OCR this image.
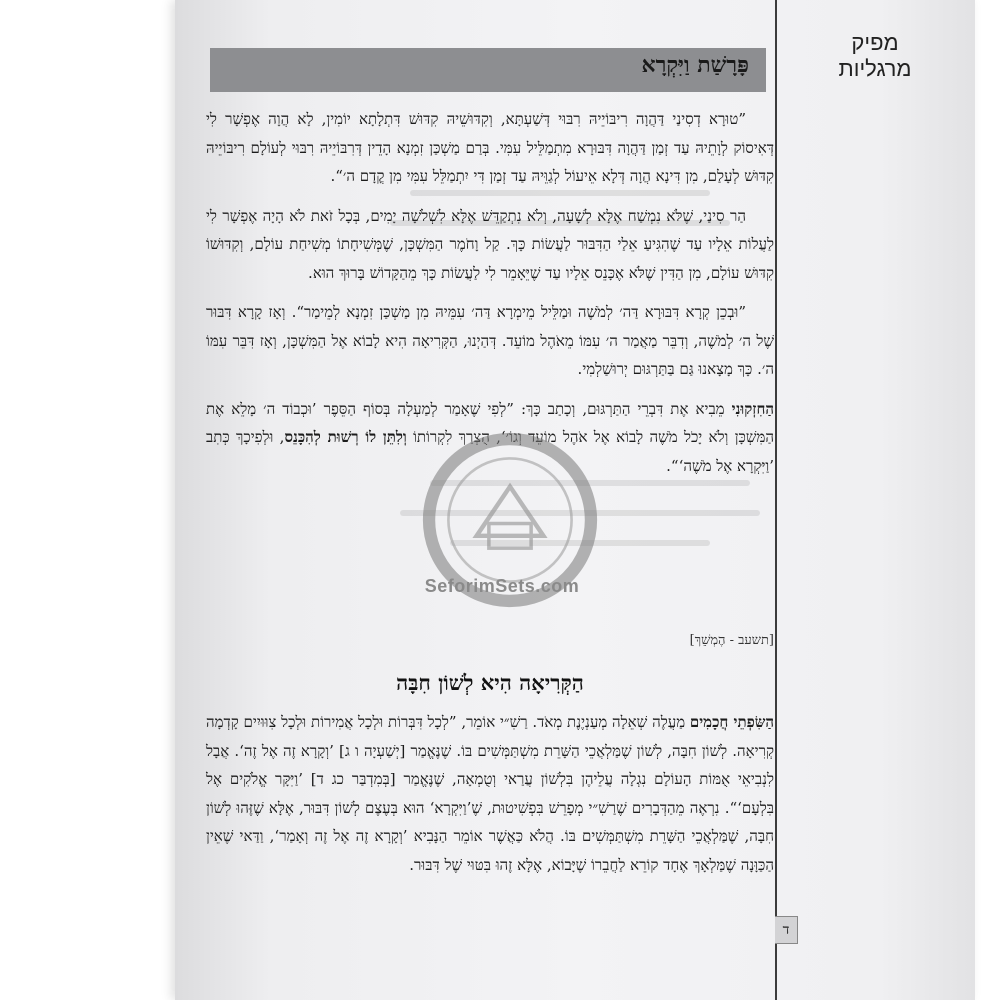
מפיק
מרגליות
פָּרָשַׁת וַיִּקְרָא

”טוּרָא דְסִינַי דַּהֲוָה רִיבּוֹיֵיהּ רִבּוּי דְּשַׁעְתָּא, וְקִדּוּשֵׁיהּ קִדּוּשׁ דִּתְלָתָא יוֹמִין, לָא הֲוָה אֶפְשָׁר לִי דְּאִיסוֹק לְוָתֵיהּ עַד זְמַן דַּהֲוָה דִּבּוּרָא מִתְמַלֵּיל עִמִּי. בְּרַם מַשְׁכַּן זִמְנָא הָדֵין דְּרִבּוֹיֵיהּ רִבּוּי לְעוֹלָם רִיבּוֹיֵיהּ קִדּוּשׁ לְעָלַם, מִן דִּינָא הֲוָה דְּלָא אֵיעוֹל לְגַוֵּיהּ עַד זְמַן דִּי יִתְמַלֵּל עִמִּי מִן קֳדָם ה׳“.

הַר סִינַי, שֶׁלֹּא נִמְשַׁח אֶלָּא לְשָׁעָה, וְלֹא נִתְקַדֵּשׁ אֶלָּא לִשְׁלֹשָׁה יָמִים, בְּכָל זֹאת לֹא הָיָה אֶפְשָׁר לִי לַעֲלוֹת אֵלָיו עַד שֶׁהִגִּיעַ אֵלַי הַדִּבּוּר לַעֲשׂוֹת כָּךְ. קַל וָחֹמֶר הַמִּשְׁכָּן, שֶׁמְּשִׁיחָתוֹ מְשִׁיחַת עוֹלָם, וְקִדּוּשׁוֹ קִדּוּשׁ עוֹלָם, מִן הַדִּין שֶׁלֹּא אֶכָּנֵס אֵלָיו עַד שֶׁיֵּאָמֵר לִי לַעֲשׂוֹת כָּךְ מֵהַקָּדוֹשׁ בָּרוּךְ הוּא.

”וּבְכֵן קְרָא דִּבּוּרָא דַּה׳ לְמֹשֶׁה וּמַלֵּיל מֵימְרָא דַּה׳ עִמֵּיהּ מִן מַשְׁכַּן זִמְנָא לְמֵימַר“. וְאָז קָרָא דִּבּוּר שֶׁל ה׳ לְמֹשֶׁה, וְדִבֵּר מַאֲמַר ה׳ עִמּוֹ מֵאֹהֶל מוֹעֵד. דְּהַיְנוּ, הַקְּרִיאָה הִיא לָבוֹא אֶל הַמִּשְׁכָּן, וְאָז דִּבֵּר עִמּוֹ ה׳. כָּךְ מָצָאנוּ גַּם בַּתַּרְגּוּם יְרוּשַׁלְמִי.

הַחִזְקוּנִי מֵבִיא אֶת דִּבְרֵי הַתַּרְגּוּם, וְכָתַב כָּךְ: ”לְפִי שֶׁאָמַר לְמַעְלָה בְּסוֹף הַסֵּפֶר ’וּכְבוֹד ה׳ מָלֵא אֶת הַמִּשְׁכָּן וְלֹא יָכֹל מֹשֶׁה לָבוֹא אֶל אֹהֶל מוֹעֵד וְגוֹ׳‘, הֻצְרַךְ לִקְרוֹתוֹ וְלִתֵּן לוֹ רְשׁוּת לְהִכָּנֵס, וּלְפִיכָךְ כְּתִב ’וַיִּקְרָא אֶל מֹשֶׁה‘“.

SeforimSets.com
[תשעב - הֶמְשֵׁךְ]
הַקְּרִיאָה הִיא לְשׁוֹן חִבָּה

הַשִּׂפְתֵי חֲכָמִים מַעֲלֶה שְׁאֵלָה מְעַנְיֶנֶת מְאֹד. רַשִׁ״י אוֹמֵר, ”לְכָל דִּבְּרוֹת וּלְכָל אֲמִירוֹת וּלְכָל צִוּוּיִים קָדְמָה קְרִיאָה. לְשׁוֹן חִבָּה, לְשׁוֹן שֶׁמַּלְאֲכֵי הַשָּׁרֵת מִשְׁתַּמְּשִׁים בּוֹ. שֶׁנֶּאֱמַר [יְשַׁעְיָה ו ג] ’וְקָרָא זֶה אֶל זֶה‘. אֲבָל לִנְבִיאֵי אֻמּוֹת הָעוֹלָם נִגְלָה עֲלֵיהֶן בִּלְשׁוֹן עֲרַאי וְטֻמְאָה, שֶׁנֶּאֱמַר [בְּמִדְבַּר כג ד] ’וַיִּקָּר אֱלֹקִים אֶל בִּלְעָם‘“. נִרְאֶה מֵהַדְּבָרִים שֶׁרַשִׁ״י מְפָרֵשׁ בִּפְשִׁיטוּת, שֶׁ’וַיִּקְרָא‘ הוּא בְּעֶצֶם לְשׁוֹן דִּבּוּר, אֶלָּא שֶׁזֶּהוּ לְשׁוֹן חִבָּה, שֶׁמַּלְאֲכֵי הַשָּׁרֵת מִשְׁתַּמְּשִׁים בּוֹ. הֲלֹא כַּאֲשֶׁר אוֹמֵר הַנָּבִיא ’וְקָרָא זֶה אֶל זֶה וְאָמַר‘, וַדַּאי שֶׁאֵין הַכַּוָּנָה שֶׁמַּלְאָךְ אֶחָד קוֹרֵא לַחֲבֵרוֹ שֶׁיָּבוֹא, אֶלָּא זֶהוּ בִּטּוּי שֶׁל דִּבּוּר.

ד
